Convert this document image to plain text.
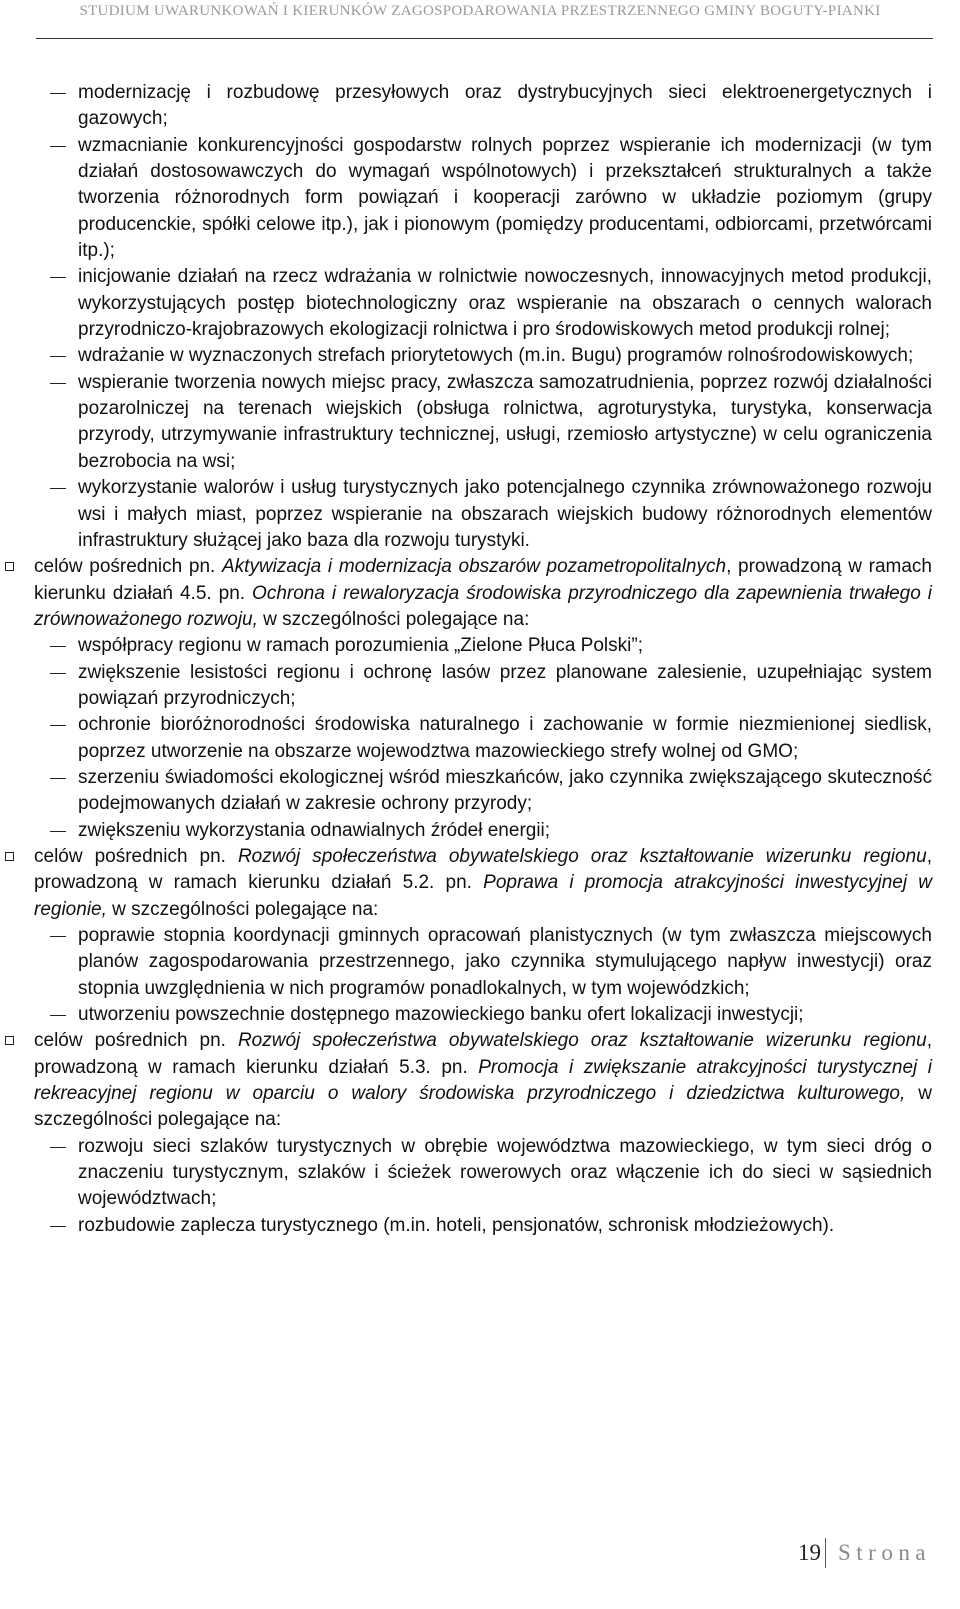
STUDIUM UWARUNKOWAŃ I KIERUNKÓW ZAGOSPODAROWANIA PRZESTRZENNEGO GMINY BOGUTY-PIANKI
modernizację i rozbudowę przesyłowych oraz dystrybucyjnych sieci elektroenergetycznych i gazowych;
wzmacnianie konkurencyjności gospodarstw rolnych poprzez wspieranie ich modernizacji (w tym działań dostosowawczych do wymagań wspólnotowych) i przekształceń strukturalnych a także tworzenia różnorodnych form powiązań i kooperacji zarówno w układzie poziomym (grupy producenckie, spółki celowe itp.), jak i pionowym (pomiędzy producentami, odbiorcami, przetwórcami itp.);
inicjowanie działań na rzecz wdrażania w rolnictwie nowoczesnych, innowacyjnych metod produkcji, wykorzystujących postęp biotechnologiczny oraz wspieranie na obszarach o cennych walorach przyrodniczo-krajobrazowych ekologizacji rolnictwa i pro środowiskowych metod produkcji rolnej;
wdrażanie w wyznaczonych strefach priorytetowych (m.in. Bugu) programów rolnośrodowiskowych;
wspieranie tworzenia nowych miejsc pracy, zwłaszcza samozatrudnienia, poprzez rozwój działalności pozarolniczej na terenach wiejskich (obsługa rolnictwa, agroturystyka, turystyka, konserwacja przyrody, utrzymywanie infrastruktury technicznej, usługi, rzemiosło artystyczne) w celu ograniczenia bezrobocia na wsi;
wykorzystanie walorów i usług turystycznych jako potencjalnego czynnika zrównoważonego rozwoju wsi i małych miast, poprzez wspieranie na obszarach wiejskich budowy różnorodnych elementów infrastruktury służącej jako baza dla rozwoju turystyki.
celów pośrednich pn. Aktywizacja i modernizacja obszarów pozametropolitalnych, prowadzoną w ramach kierunku działań 4.5. pn. Ochrona i rewaloryzacja środowiska przyrodniczego dla zapewnienia trwałego i zrównoważonego rozwoju, w szczególności polegające na:
współpracy regionu w ramach porozumienia „Zielone Płuca Polski”;
zwiększenie lesistości regionu i ochronę lasów przez planowane zalesienie, uzupełniając system powiązań przyrodniczych;
ochronie bioróżnorodności środowiska naturalnego i zachowanie w formie niezmienionej siedlisk, poprzez utworzenie na obszarze wojewodztwa mazowieckiego strefy wolnej od GMO;
szerzeniu świadomości ekologicznej wśród mieszkańców, jako czynnika zwiększającego skuteczność podejmowanych działań w zakresie ochrony przyrody;
zwiększeniu wykorzystania odnawialnych źródeł energii;
celów pośrednich pn. Rozwój społeczeństwa obywatelskiego oraz kształtowanie wizerunku regionu, prowadzoną w ramach kierunku działań 5.2. pn. Poprawa i promocja atrakcyjności inwestycyjnej w regionie, w szczególności polegające na:
poprawie stopnia koordynacji gminnych opracowań planistycznych (w tym zwłaszcza miejscowych planów zagospodarowania przestrzennego, jako czynnika stymulującego napływ inwestycji) oraz stopnia uwzględnienia w nich programów ponadlokalnych, w tym wojewódzkich;
utworzeniu powszechnie dostępnego mazowieckiego banku ofert lokalizacji inwestycji;
celów pośrednich pn. Rozwój społeczeństwa obywatelskiego oraz kształtowanie wizerunku regionu, prowadzoną w ramach kierunku działań 5.3. pn. Promocja i zwiększanie atrakcyjności turystycznej i rekreacyjnej regionu w oparciu o walory środowiska przyrodniczego i dziedzictwa kulturowego, w szczególności polegające na:
rozwoju sieci szlaków turystycznych w obrębie województwa mazowieckiego, w tym sieci dróg o znaczeniu turystycznym, szlaków i ścieżek rowerowych oraz włączenie ich do sieci w sąsiednich województwach;
rozbudowie zaplecza turystycznego (m.in. hoteli, pensjonatów, schronisk młodzieżowych).
19 Strona
